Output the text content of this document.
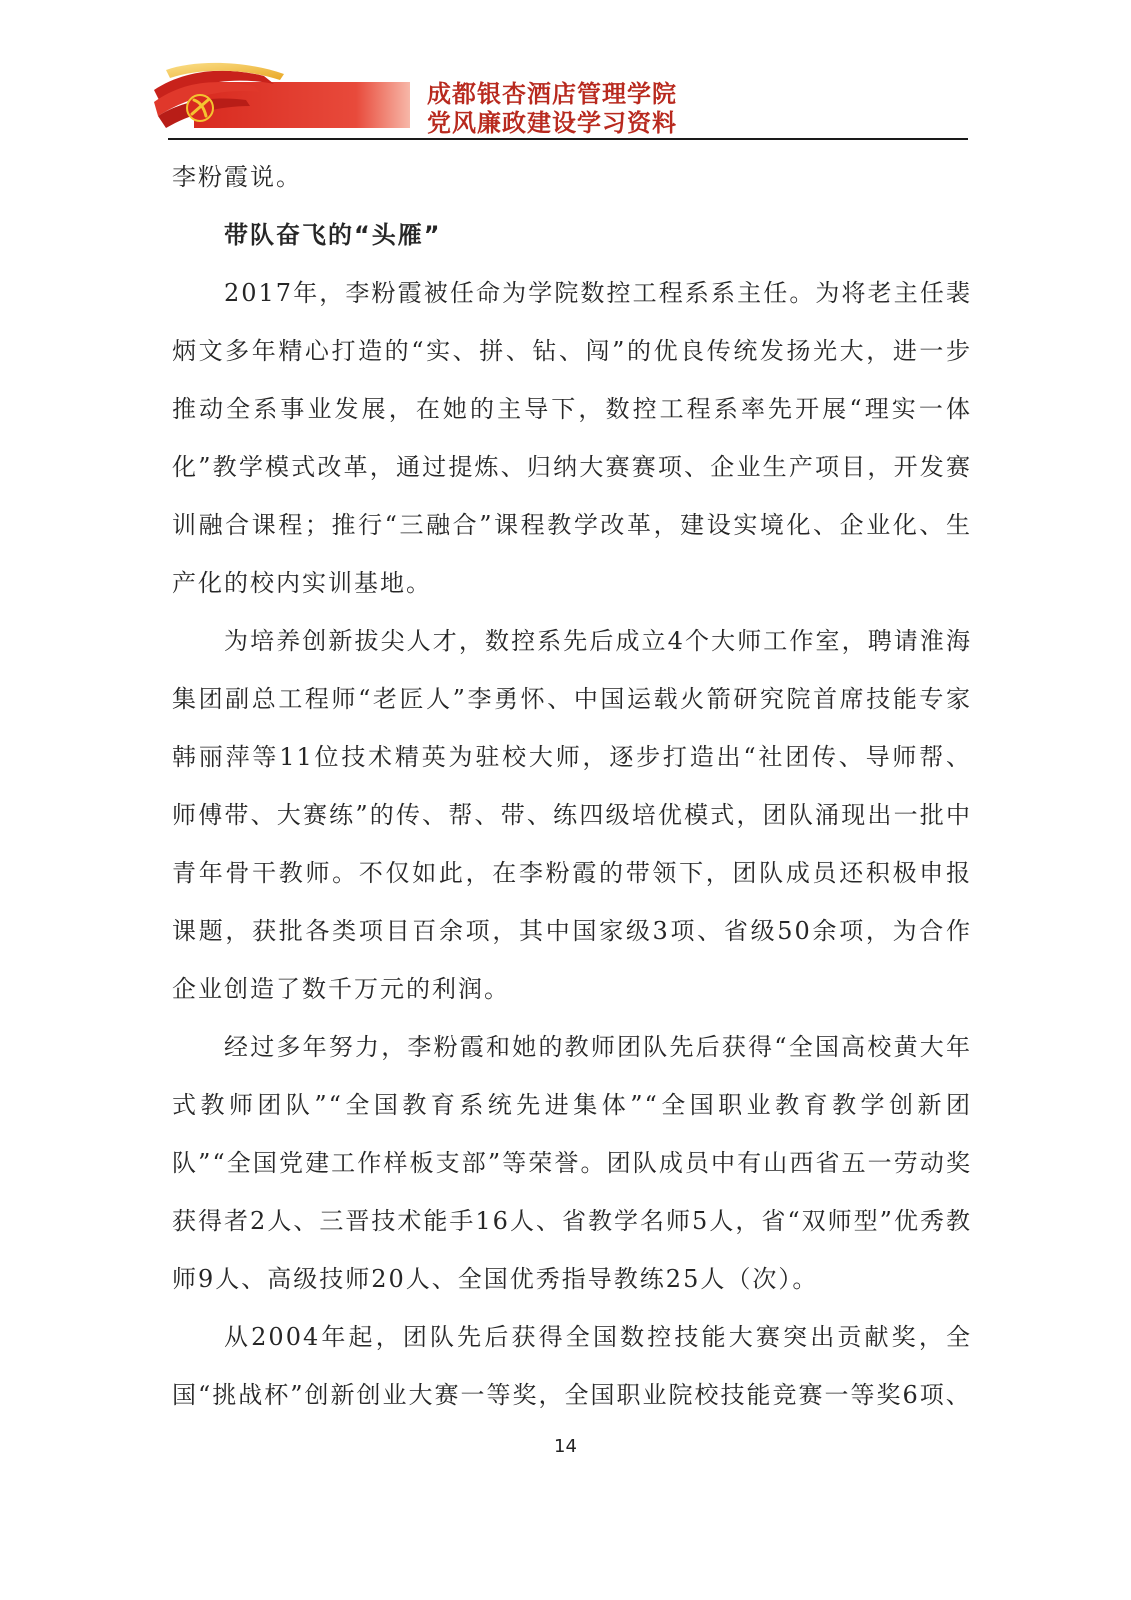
成都银杏酒店管理学院
党风廉政建设学习资料

李粉霞说。

带队奋飞的“头雁”

2017年，李粉霞被任命为学院数控工程系系主任。为将老主任裴炳文多年精心打造的“实、拼、钻、闯”的优良传统发扬光大，进一步推动全系事业发展，在她的主导下，数控工程系率先开展“理实一体化”教学模式改革，通过提炼、归纳大赛赛项、企业生产项目，开发赛训融合课程；推行“三融合”课程教学改革，建设实境化、企业化、生产化的校内实训基地。

为培养创新拔尖人才，数控系先后成立4个大师工作室，聘请淮海集团副总工程师“老匠人”李勇怀、中国运载火箭研究院首席技能专家韩丽萍等11位技术精英为驻校大师，逐步打造出“社团传、导师帮、师傅带、大赛练”的传、帮、带、练四级培优模式，团队涌现出一批中青年骨干教师。不仅如此，在李粉霞的带领下，团队成员还积极申报课题，获批各类项目百余项，其中国家级3项、省级50余项，为合作企业创造了数千万元的利润。

经过多年努力，李粉霞和她的教师团队先后获得“全国高校黄大年式教师团队”“全国教育系统先进集体”“全国职业教育教学创新团队”“全国党建工作样板支部”等荣誉。团队成员中有山西省五一劳动奖获得者2人、三晋技术能手16人、省教学名师5人，省“双师型”优秀教师9人、高级技师20人、全国优秀指导教练25人（次）。

从2004年起，团队先后获得全国数控技能大赛突出贡献奖，全国“挑战杯”创新创业大赛一等奖，全国职业院校技能竞赛一等奖6项、

14
